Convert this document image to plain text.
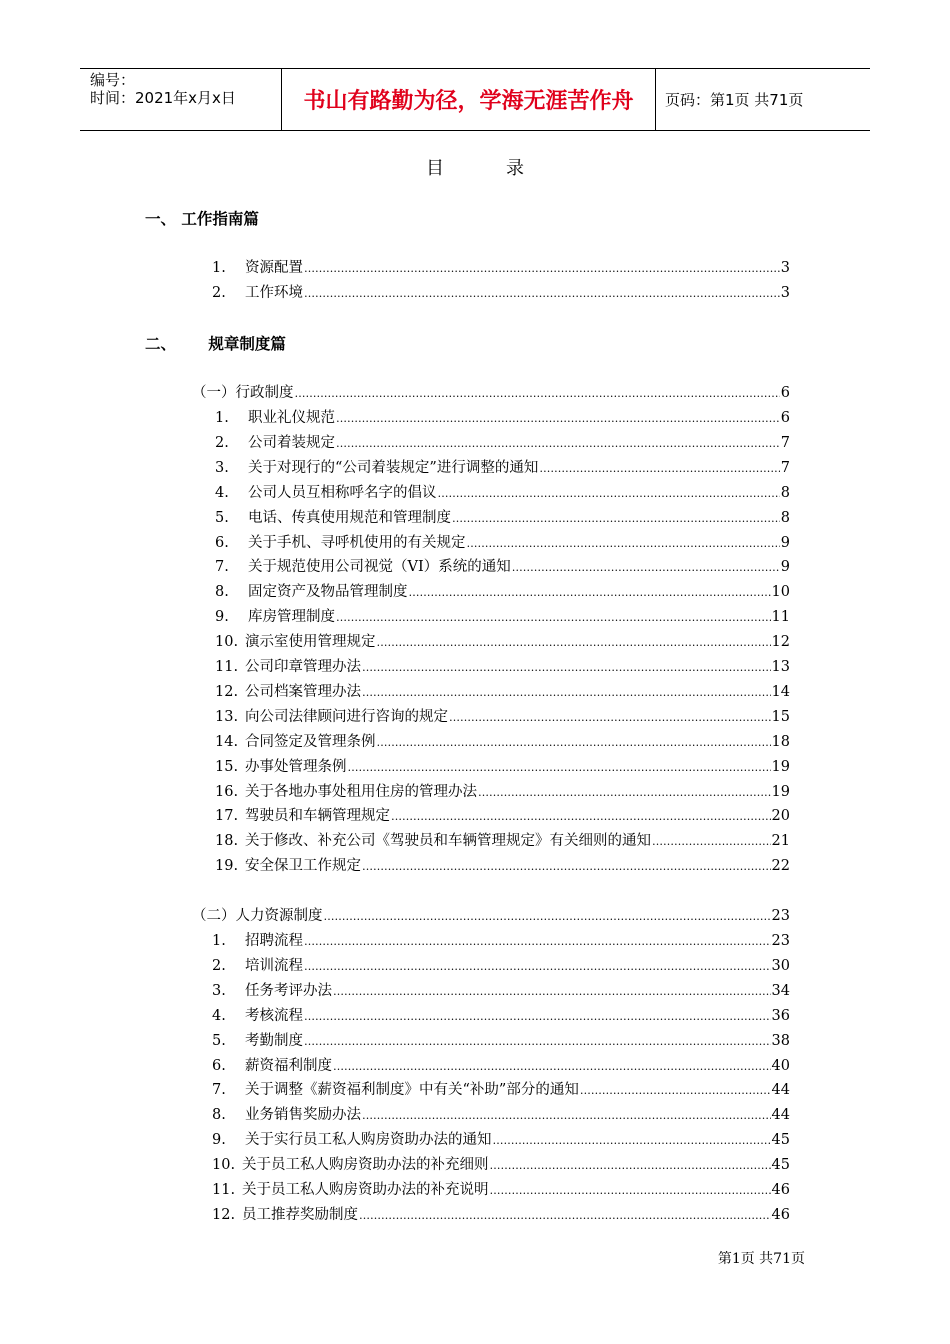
编号：
时间：2021年x月x日	书山有路勤为径，学海无涯苦作舟	页码：第1页 共71页
目录
一、 工作指南篇
二、      规章制度篇
1.	资源配置 …………………………………………………………………………………………………………………………………………………………………	3
2.	工作环境 …………………………………………………………………………………………………………………………………………………………………	3
（一）行政制度 …………………………………………………………………………………………………………………………………………………………………	6
1.	职业礼仪规范 …………………………………………………………………………………………………………………………………………………………………	6
2.	公司着装规定 …………………………………………………………………………………………………………………………………………………………………	7
3.	关于对现行的“公司着装规定”进行调整的通知 …………………………………………………………………………………………………………………………………………………………………	7
4.	公司人员互相称呼名字的倡议 …………………………………………………………………………………………………………………………………………………………………	8
5.	电话、传真使用规范和管理制度 …………………………………………………………………………………………………………………………………………………………………	8
6.	关于手机、寻呼机使用的有关规定 …………………………………………………………………………………………………………………………………………………………………	9
7.	关于规范使用公司视觉（VI）系统的通知 …………………………………………………………………………………………………………………………………………………………………	9
8.	固定资产及物品管理制度 …………………………………………………………………………………………………………………………………………………………………	10
9.	库房管理制度 …………………………………………………………………………………………………………………………………………………………………	11
10. 演示室使用管理规定 …………………………………………………………………………………………………………………………………………………………………	12
11. 公司印章管理办法 …………………………………………………………………………………………………………………………………………………………………	13
12. 公司档案管理办法 …………………………………………………………………………………………………………………………………………………………………	14
13. 向公司法律顾问进行咨询的规定 …………………………………………………………………………………………………………………………………………………………………	15
14. 合同签定及管理条例 …………………………………………………………………………………………………………………………………………………………………	18
15. 办事处管理条例 …………………………………………………………………………………………………………………………………………………………………	19
16. 关于各地办事处租用住房的管理办法 …………………………………………………………………………………………………………………………………………………………………	19
17. 驾驶员和车辆管理规定 …………………………………………………………………………………………………………………………………………………………………	20
18. 关于修改、补充公司《驾驶员和车辆管理规定》有关细则的通知 …………………………………………………………………………………………………………………………………………………………………	21
19. 安全保卫工作规定 …………………………………………………………………………………………………………………………………………………………………	22
（二）人力资源制度 …………………………………………………………………………………………………………………………………………………………………	23
1.	招聘流程 …………………………………………………………………………………………………………………………………………………………………	23
2.	培训流程 …………………………………………………………………………………………………………………………………………………………………	30
3.	任务考评办法 …………………………………………………………………………………………………………………………………………………………………	34
4.	考核流程 …………………………………………………………………………………………………………………………………………………………………	36
5.	考勤制度 …………………………………………………………………………………………………………………………………………………………………	38
6.	薪资福利制度 …………………………………………………………………………………………………………………………………………………………………	40
7.	关于调整《薪资福利制度》中有关“补助”部分的通知 …………………………………………………………………………………………………………………………………………………………………	44
8.	业务销售奖励办法 …………………………………………………………………………………………………………………………………………………………………	44
9.	关于实行员工私人购房资助办法的通知 …………………………………………………………………………………………………………………………………………………………………	45
10. 关于员工私人购房资助办法的补充细则 …………………………………………………………………………………………………………………………………………………………………	45
11. 关于员工私人购房资助办法的补充说明 …………………………………………………………………………………………………………………………………………………………………	46
12. 员工推荐奖励制度 …………………………………………………………………………………………………………………………………………………………………	46
第1页 共71页
